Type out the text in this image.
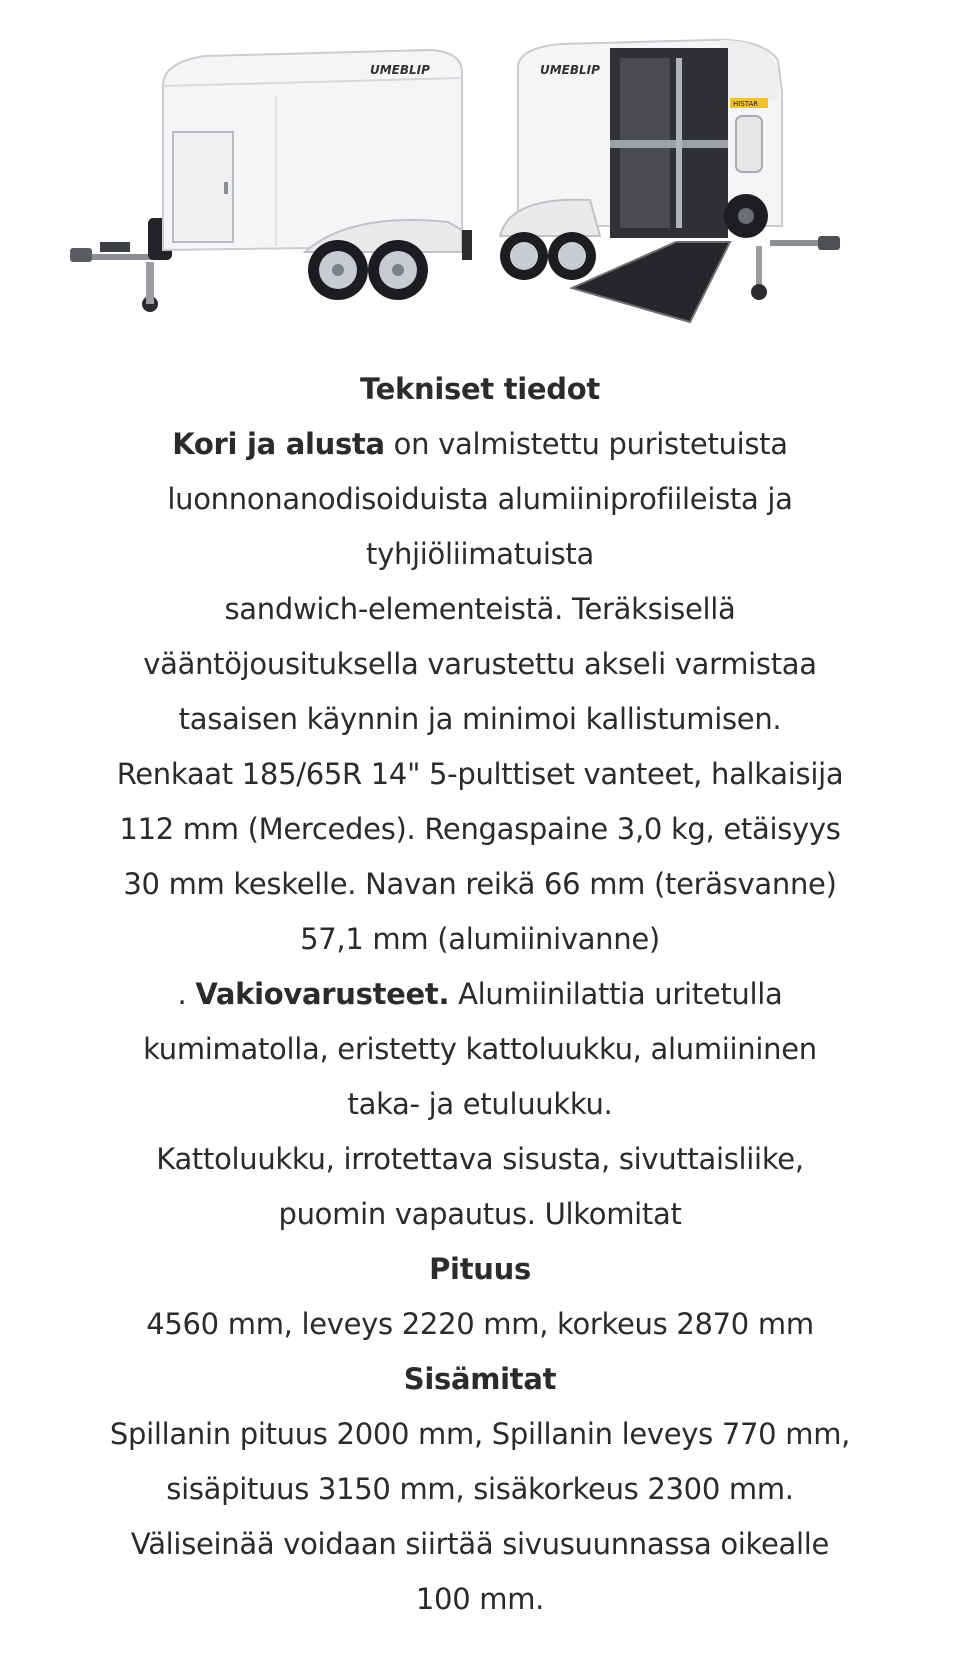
UMEBLIP	UMEBLIP
HISTAR

Tekniset tiedot

Kori ja alusta on valmistettu puristetuista

luonnonanodisoiduista alumiiniprofiileista ja

tyhjiöliimatuista

sandwich-elementeistä. Teräksisellä

vääntöjousituksella varustettu akseli varmistaa

tasaisen käynnin ja minimoi kallistumisen.

Renkaat 185/65R 14" 5-pulttiset vanteet, halkaisija

112 mm (Mercedes). Rengaspaine 3,0 kg, etäisyys

30 mm keskelle. Navan reikä 66 mm (teräsvanne)

57,1 mm (alumiinivanne)

. Vakiovarusteet. Alumiinilattia uritetulla

kumimatolla, eristetty kattoluukku, alumiininen

taka- ja etuluukku.

Kattoluukku, irrotettava sisusta, sivuttaisliike,

puomin vapautus. Ulkomitat

Pituus

4560 mm, leveys 2220 mm, korkeus 2870 mm

Sisämitat

Spillanin pituus 2000 mm, Spillanin leveys 770 mm,

sisäpituus 3150 mm, sisäkorkeus 2300 mm.

Väliseinää voidaan siirtää sivusuunnassa oikealle

100 mm.
